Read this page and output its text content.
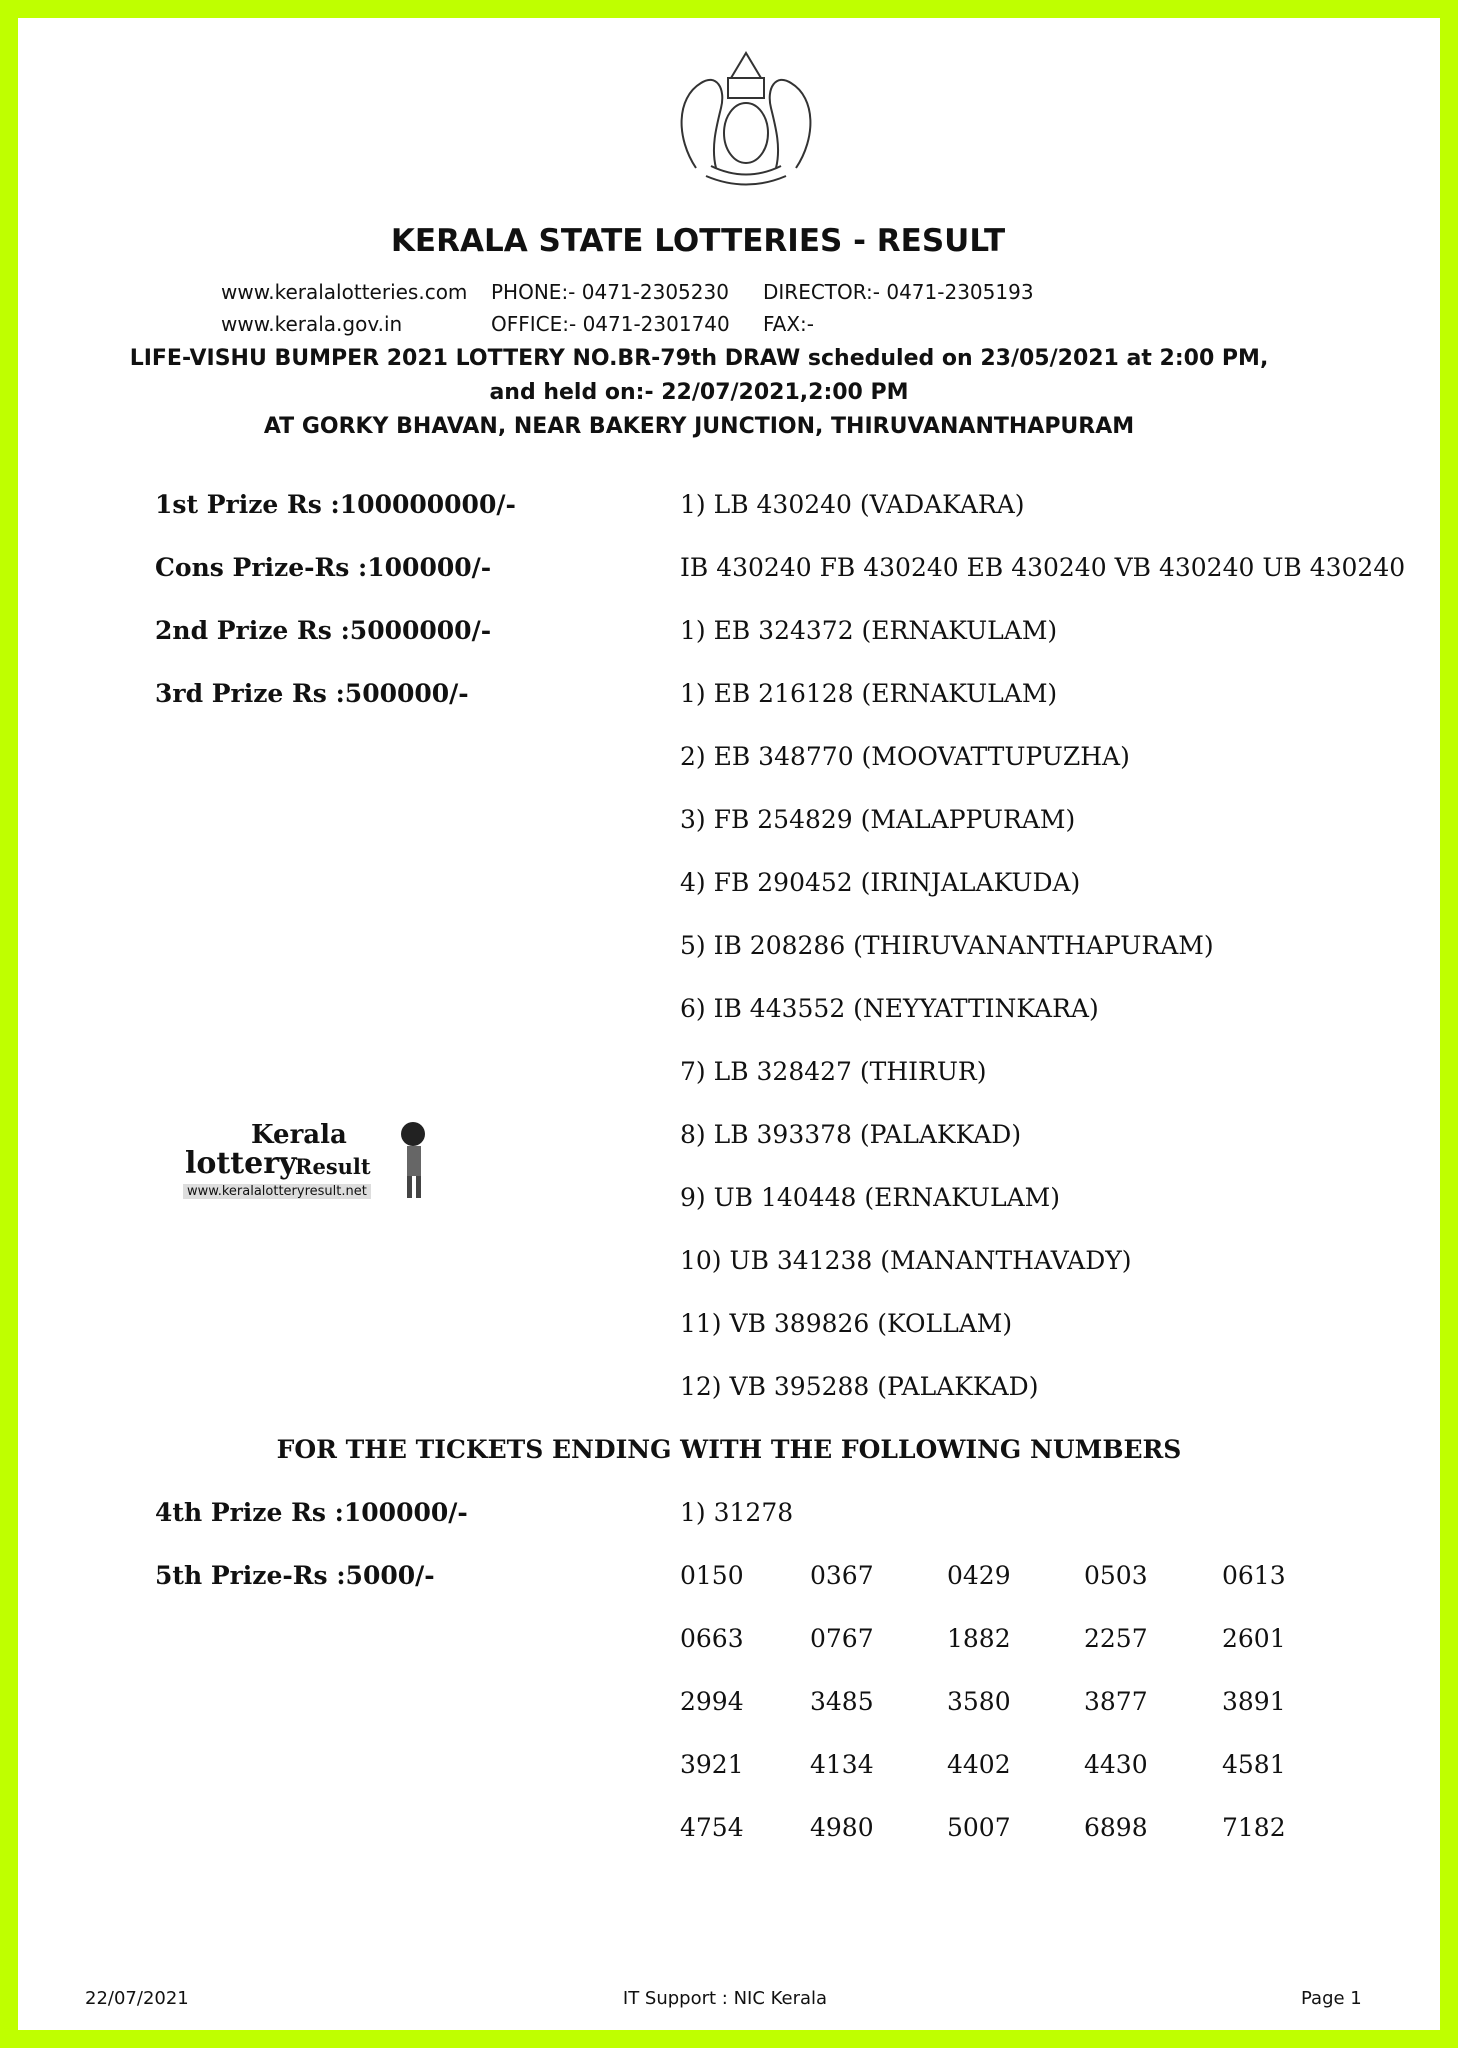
KERALA STATE LOTTERIES - RESULT
www.keralalotteries.com PHONE:- 0471-2305230 DIRECTOR:- 0471-2305193
www.kerala.gov.in	OFFICE:- 0471-2301740 FAX:-
LIFE-VISHU BUMPER 2021 LOTTERY NO.BR-79th DRAW scheduled on 23/05/2021 at 2:00 PM,
and held on:- 22/07/2021,2:00 PM
AT GORKY BHAVAN, NEAR BAKERY JUNCTION, THIRUVANANTHAPURAM
1st Prize Rs :100000000/-	1) LB 430240 (VADAKARA)
Cons Prize-Rs :100000/-	IB 430240 FB 430240 EB 430240 VB 430240 UB 430240
2nd Prize Rs :5000000/-	1) EB 324372 (ERNAKULAM)
3rd Prize Rs :500000/-	1) EB 216128 (ERNAKULAM)
2) EB 348770 (MOOVATTUPUZHA)
3) FB 254829 (MALAPPURAM)
4) FB 290452 (IRINJALAKUDA)
5) IB 208286 (THIRUVANANTHAPURAM)
6) IB 443552 (NEYYATTINKARA)
7) LB 328427 (THIRUR)
8) LB 393378 (PALAKKAD)
9) UB 140448 (ERNAKULAM)
10) UB 341238 (MANANTHAVADY)
11) VB 389826 (KOLLAM)
12) VB 395288 (PALAKKAD)
FOR THE TICKETS ENDING WITH THE FOLLOWING NUMBERS
4th Prize Rs :100000/-	1) 31278
5th Prize-Rs :5000/-	0150	0367	0429	0503	0613
0663	0767	1882	2257	2601
2994	3485	3580	3877	3891
3921	4134	4402	4430	4581
4754	4980	5007	6898	7182
Kerala
lottery
Result
www.keralalotteryresult.net
22/07/2021	IT Support : NIC Kerala	Page 1
